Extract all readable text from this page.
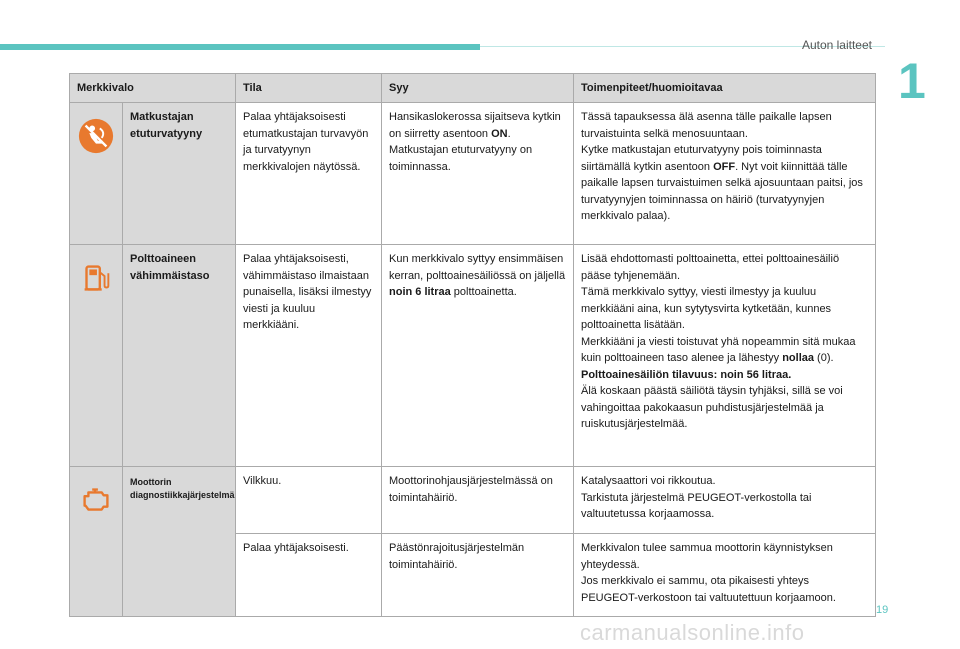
Auton laitteet
1
Merkkivalo		Tila	Syy	Toimenpiteet/huomioitavaa
	Matkustajan etuturvatyyny	Palaa yhtäjaksoisesti etumatkustajan turvavyön ja turvatyynyn merkkivalojen näytössä.	Hansikaslokerossa sijaitseva kytkin on siirretty asentoon ON. Matkustajan etuturvatyyny on toiminnassa.	Tässä tapauksessa älä asenna tälle paikalle lapsen turvaistuinta selkä menosuuntaan.
Kytke matkustajan etuturvatyyny pois toiminnasta siirtämällä kytkin asentoon OFF. Nyt voit kiinnittää tälle paikalle lapsen turvaistuimen selkä ajosuuntaan paitsi, jos turvatyynyjen toiminnassa on häiriö (turvatyynyjen merkkivalo palaa).
	Polttoaineen vähimmäistaso	Palaa yhtäjaksoisesti, vähimmäistaso ilmaistaan punaisella, lisäksi ilmestyy viesti ja kuuluu merkkiääni.	Kun merkkivalo syttyy ensimmäisen kerran, polttoainesäiliössä on jäljellä noin 6 litraa polttoainetta.	Lisää ehdottomasti polttoainetta, ettei polttoainesäiliö pääse tyhjenemään.
Tämä merkkivalo syttyy, viesti ilmestyy ja kuuluu merkkiääni aina, kun sytytysvirta kytketään, kunnes polttoainetta lisätään.
Merkkiääni ja viesti toistuvat yhä nopeammin sitä mukaa kuin polttoaineen taso alenee ja lähestyy nollaa (0).
Polttoainesäiliön tilavuus: noin 56 litraa.
Älä koskaan päästä säiliötä täysin tyhjäksi, sillä se voi vahingoittaa pakokaasun puhdistusjärjestelmää ja ruiskutusjärjestelmää.
	Moottorin diagnostiikkajärjestelmä	Vilkkuu.	Moottorinohjausjärjestelmässä on toimintahäiriö.	Katalysaattori voi rikkoutua.
Tarkistuta järjestelmä PEUGEOT-verkostolla tai valtuutetussa korjaamossa.
		Palaa yhtäjaksoisesti.	Päästönrajoitusjärjestelmän toimintahäiriö.	Merkkivalon tulee sammua moottorin käynnistyksen yhteydessä.
Jos merkkivalo ei sammu, ota pikaisesti yhteys PEUGEOT-verkostoon tai valtuutettuun korjaamoon.
19
carmanualsonline.info
